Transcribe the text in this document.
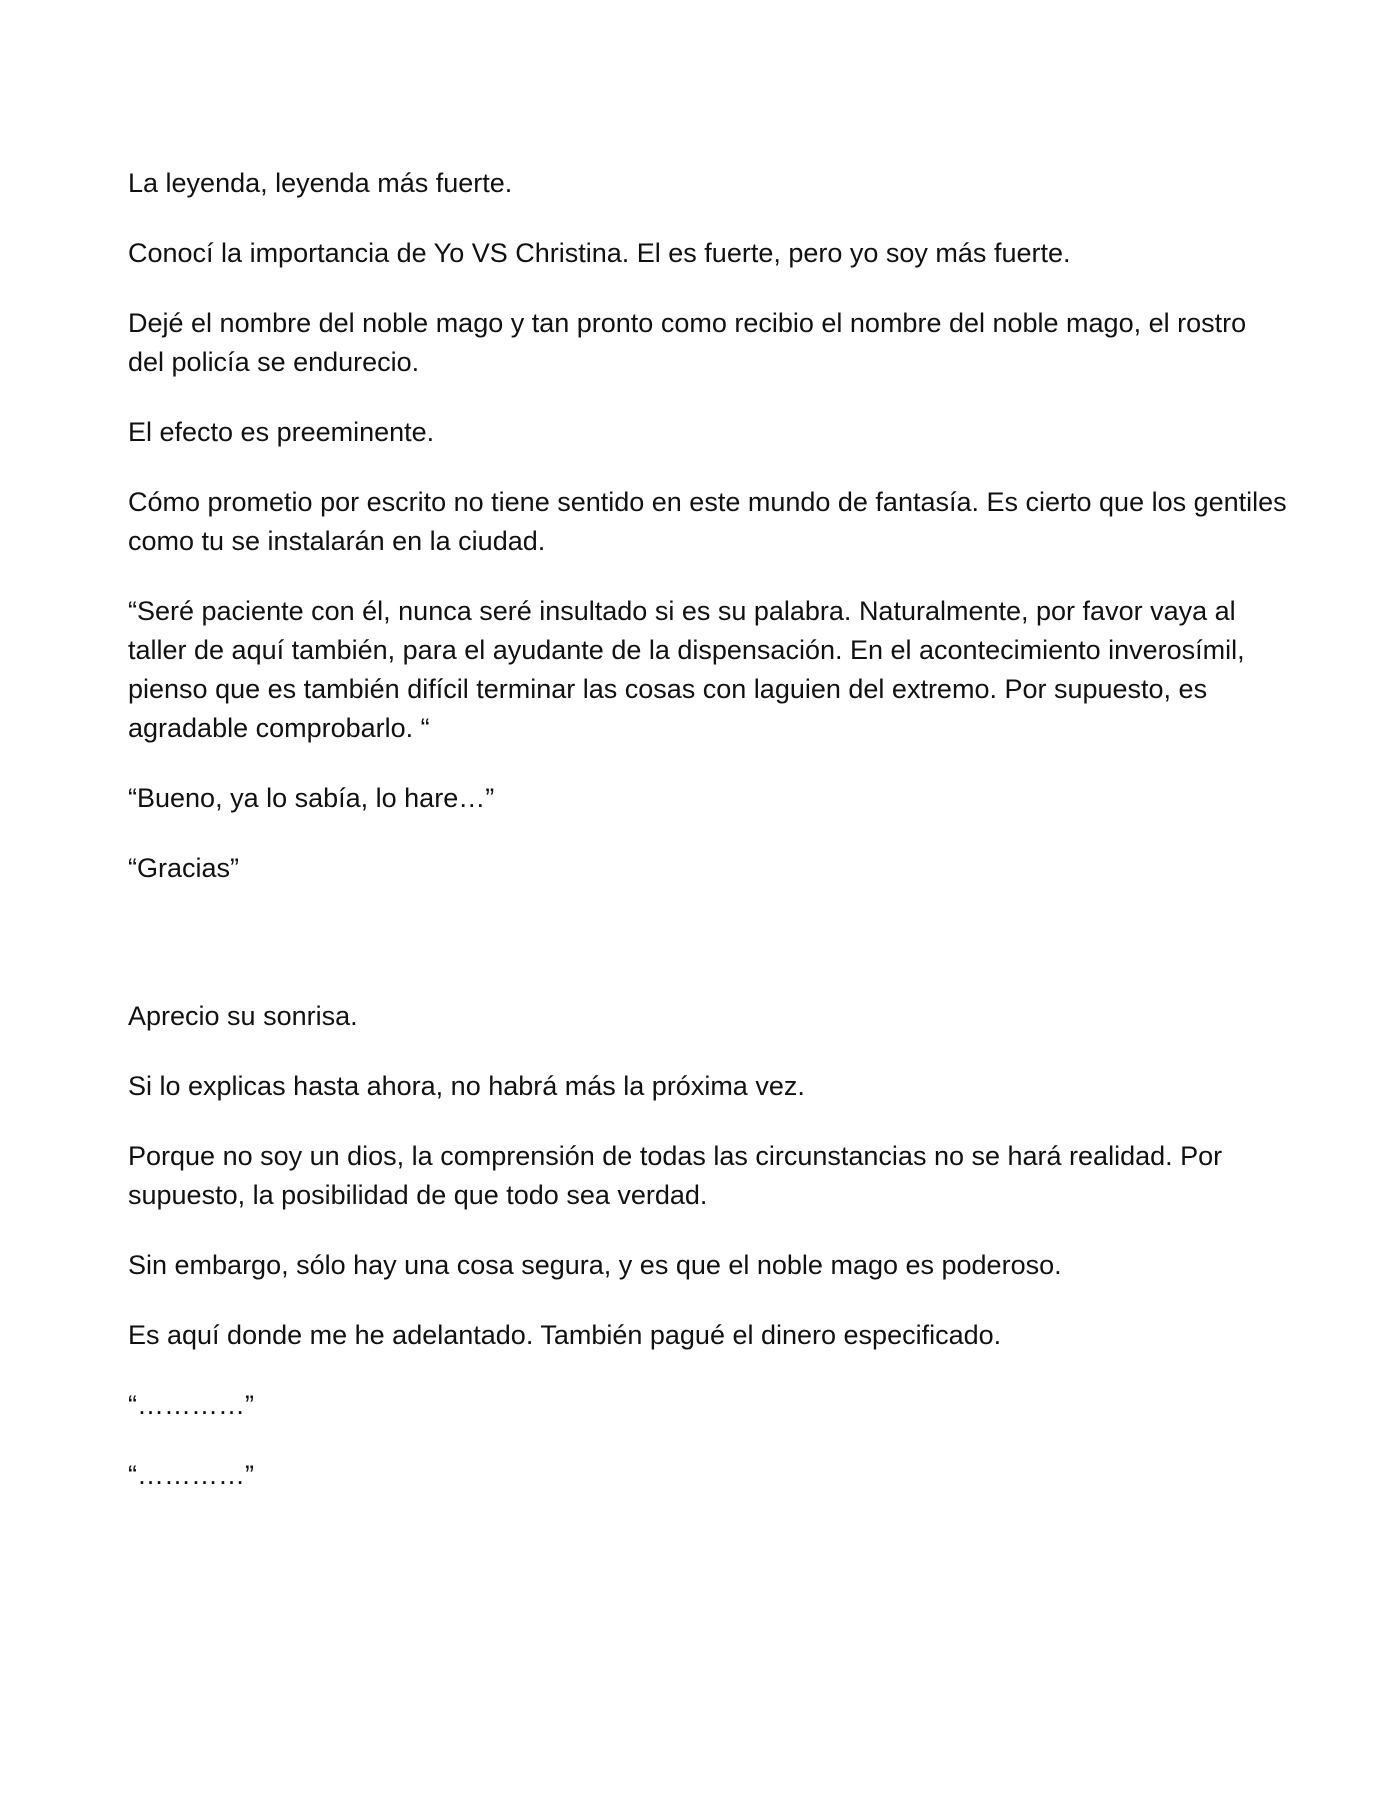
La leyenda, leyenda más fuerte.

Conocí la importancia de Yo VS Christina. El es fuerte, pero yo soy más fuerte.

Dejé el nombre del noble mago y tan pronto como recibio el nombre del noble mago, el rostro del policía se endurecio.

El efecto es preeminente.

Cómo prometio por escrito no tiene sentido en este mundo de fantasía. Es cierto que los gentiles como tu se instalarán en la ciudad.

“Seré paciente con él, nunca seré insultado si es su palabra. Naturalmente, por favor vaya al taller de aquí también, para el ayudante de la dispensación. En el acontecimiento inverosímil, pienso que es también difícil terminar las cosas con laguien del extremo. Por supuesto, es agradable comprobarlo. “

“Bueno, ya lo sabía, lo hare…”

“Gracias”

Aprecio su sonrisa.

Si lo explicas hasta ahora, no habrá más la próxima vez.

Porque no soy un dios, la comprensión de todas las circunstancias no se hará realidad. Por supuesto, la posibilidad de que todo sea verdad.

Sin embargo, sólo hay una cosa segura, y es que el noble mago es poderoso.

Es aquí donde me he adelantado. También pagué el dinero especificado.

“…………”

“…………”
